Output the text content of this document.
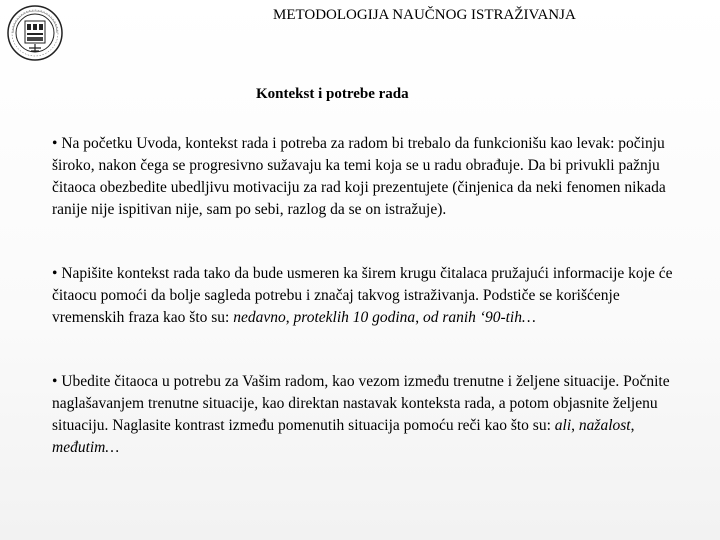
METODOLOGIJA NAUČNOG ISTRAŽIVANJA
Kontekst i potrebe rada

• Na početku Uvoda, kontekst rada i potreba za radom bi trebalo da funkcionišu kao levak: počinju široko, nakon čega se progresivno sužavaju ka temi koja se u radu obrađuje. Da bi privukli pažnju čitaoca obezbedite ubedljivu motivaciju za rad koji prezentujete (činjenica da neki fenomen nikada ranije nije ispitivan nije, sam po sebi, razlog da se on istražuje).

• Napišite kontekst rada tako da bude usmeren ka širem krugu čitalaca pružajući informacije koje će čitaocu pomoći da bolje sagleda potrebu i značaj takvog istraživanja. Podstiče se korišćenje vremenskih fraza kao što su: nedavno, proteklih 10 godina, od ranih ‘90-tih…

• Ubedite čitaoca u potrebu za Vašim radom, kao vezom između trenutne i željene situacije. Počnite naglašavanjem trenutne situacije, kao direktan nastavak konteksta rada, a potom objasnite željenu situaciju. Naglasite kontrast između pomenutih situacija pomoću reči kao što su: ali, nažalost, međutim…
